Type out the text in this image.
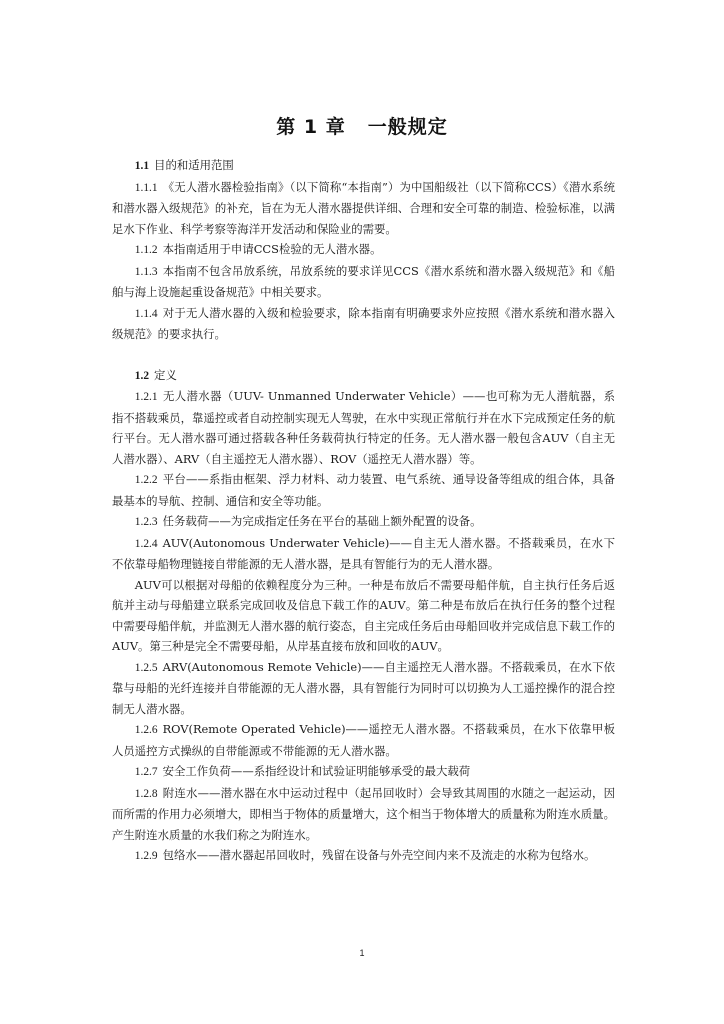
第 1 章 一般规定

1.1 目的和适用范围

1.1.1 《无人潜水器检验指南》（以下简称“本指南”）为中国船级社（以下简称CCS）《潜水系统和潜水器入级规范》的补充，旨在为无人潜水器提供详细、合理和安全可靠的制造、检验标准，以满足水下作业、科学考察等海洋开发活动和保险业的需要。

1.1.2 本指南适用于申请CCS检验的无人潜水器。

1.1.3 本指南不包含吊放系统，吊放系统的要求详见CCS《潜水系统和潜水器入级规范》和《船舶与海上设施起重设备规范》中相关要求。

1.1.4 对于无人潜水器的入级和检验要求，除本指南有明确要求外应按照《潜水系统和潜水器入级规范》的要求执行。

1.2 定义

1.2.1 无人潜水器（UUV- Unmanned Underwater Vehicle）——也可称为无人潜航器，系指不搭载乘员，靠遥控或者自动控制实现无人驾驶，在水中实现正常航行并在水下完成预定任务的航行平台。无人潜水器可通过搭载各种任务载荷执行特定的任务。无人潜水器一般包含AUV（自主无人潜水器）、ARV（自主遥控无人潜水器）、ROV（遥控无人潜水器）等。

1.2.2 平台——系指由框架、浮力材料、动力装置、电气系统、通导设备等组成的组合体，具备最基本的导航、控制、通信和安全等功能。

1.2.3 任务载荷——为完成指定任务在平台的基础上额外配置的设备。

1.2.4 AUV(Autonomous Underwater Vehicle)——自主无人潜水器。不搭载乘员，在水下不依靠母船物理链接自带能源的无人潜水器，是具有智能行为的无人潜水器。

AUV可以根据对母船的依赖程度分为三种。一种是布放后不需要母船伴航，自主执行任务后返航并主动与母船建立联系完成回收及信息下载工作的AUV。第二种是布放后在执行任务的整个过程中需要母船伴航，并监测无人潜水器的航行姿态，自主完成任务后由母船回收并完成信息下载工作的AUV。第三种是完全不需要母船，从岸基直接布放和回收的AUV。

1.2.5 ARV(Autonomous Remote Vehicle)——自主遥控无人潜水器。不搭载乘员，在水下依靠与母船的光纤连接并自带能源的无人潜水器，具有智能行为同时可以切换为人工遥控操作的混合控制无人潜水器。

1.2.6 ROV(Remote Operated Vehicle)——遥控无人潜水器。不搭载乘员，在水下依靠甲板人员遥控方式操纵的自带能源或不带能源的无人潜水器。

1.2.7 安全工作负荷——系指经设计和试验证明能够承受的最大载荷

1.2.8 附连水——潜水器在水中运动过程中（起吊回收时）会导致其周围的水随之一起运动，因而所需的作用力必须增大，即相当于物体的质量增大，这个相当于物体增大的质量称为附连水质量。产生附连水质量的水我们称之为附连水。

1.2.9 包络水——潜水器起吊回收时，残留在设备与外壳空间内来不及流走的水称为包络水。

1
